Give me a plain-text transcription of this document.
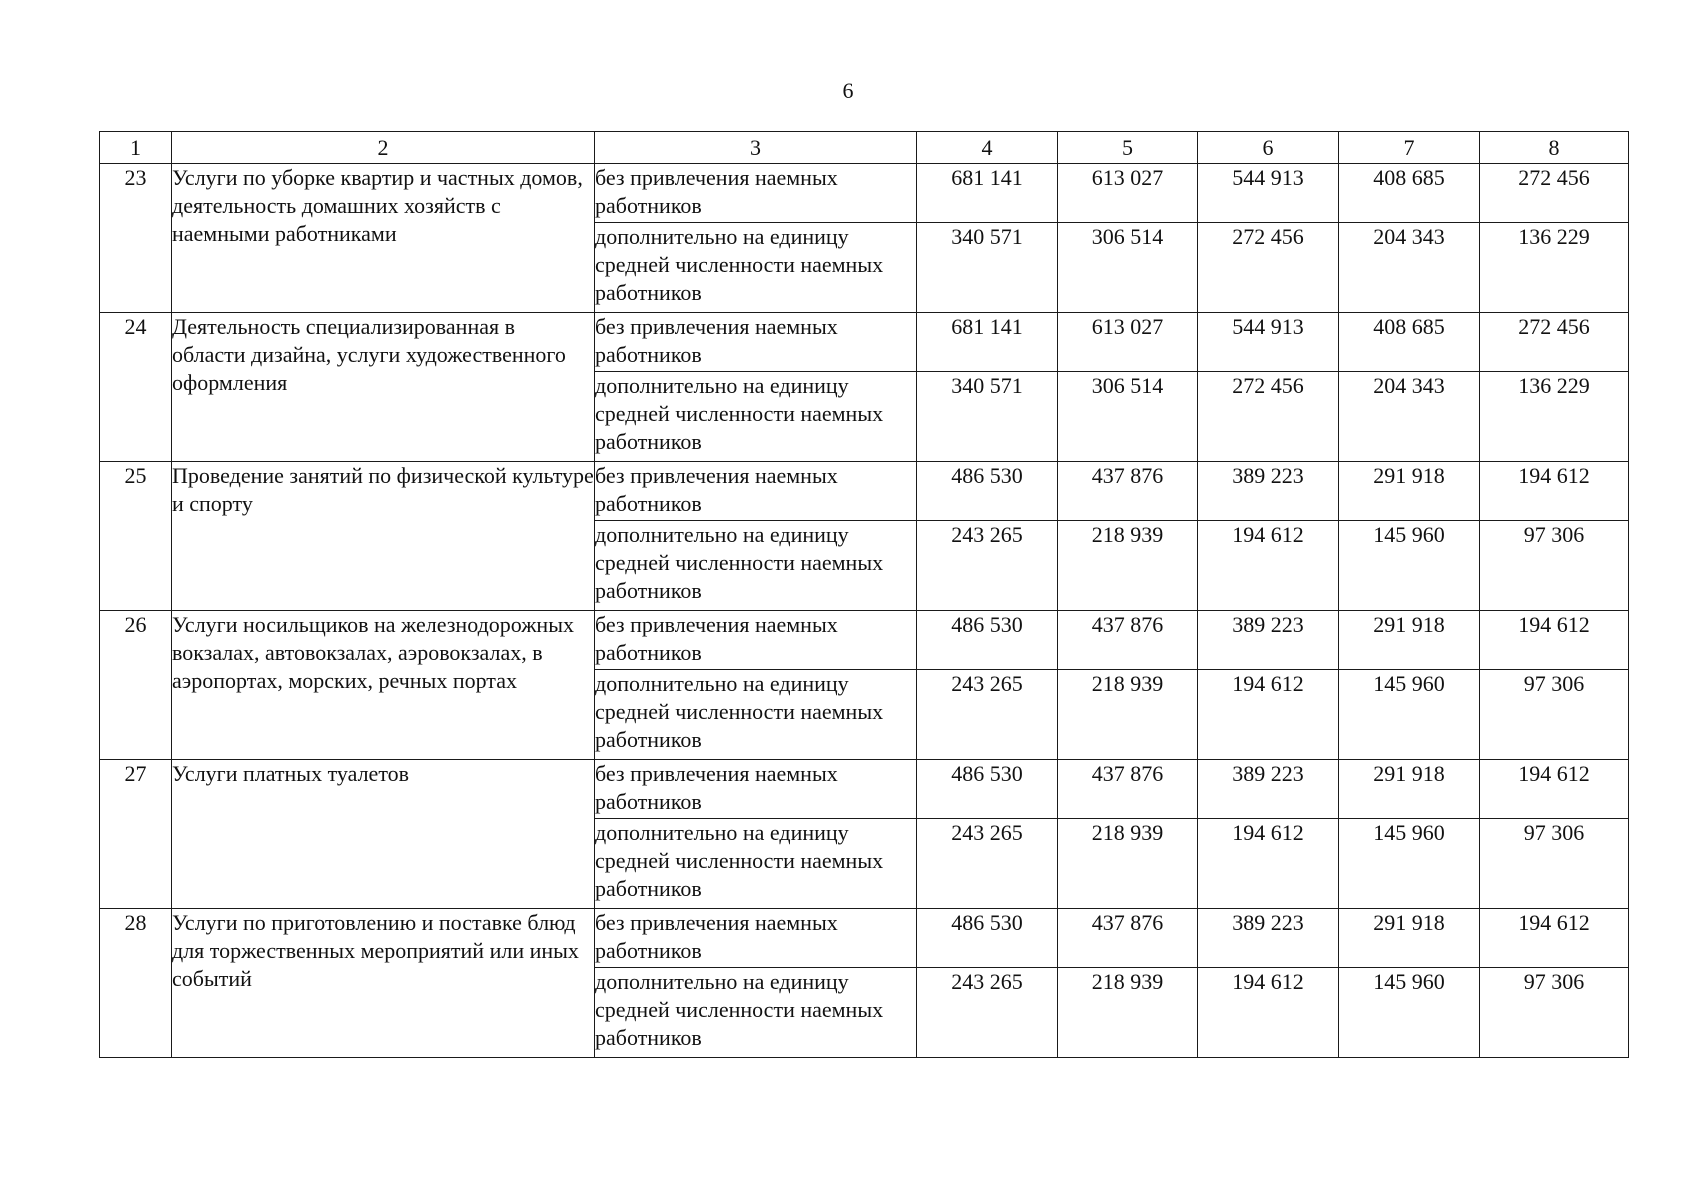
6
1	2	3	4	5	6	7	8
23	Услуги по уборке квартир и частных домов, деятельность домашних хозяйств с наемными работниками	без привлечения наемных работников	681 141	613 027	544 913	408 685	272 456
		дополнительно на единицу средней численности наемных работников	340 571	306 514	272 456	204 343	136 229
24	Деятельность специализированная в области дизайна, услуги художественного оформления	без привлечения наемных работников	681 141	613 027	544 913	408 685	272 456
		дополнительно на единицу средней численности наемных работников	340 571	306 514	272 456	204 343	136 229
25	Проведение занятий по физической культуре и спорту	без привлечения наемных работников	486 530	437 876	389 223	291 918	194 612
		дополнительно на единицу средней численности наемных работников	243 265	218 939	194 612	145 960	97 306
26	Услуги носильщиков на железнодорожных вокзалах, автовокзалах, аэровокзалах, в аэропортах, морских, речных портах	без привлечения наемных работников	486 530	437 876	389 223	291 918	194 612
		дополнительно на единицу средней численности наемных работников	243 265	218 939	194 612	145 960	97 306
27	Услуги платных туалетов	без привлечения наемных работников	486 530	437 876	389 223	291 918	194 612
		дополнительно на единицу средней численности наемных работников	243 265	218 939	194 612	145 960	97 306
28	Услуги по приготовлению и поставке блюд для торжественных мероприятий или иных событий	без привлечения наемных работников	486 530	437 876	389 223	291 918	194 612
		дополнительно на единицу средней численности наемных работников	243 265	218 939	194 612	145 960	97 306
